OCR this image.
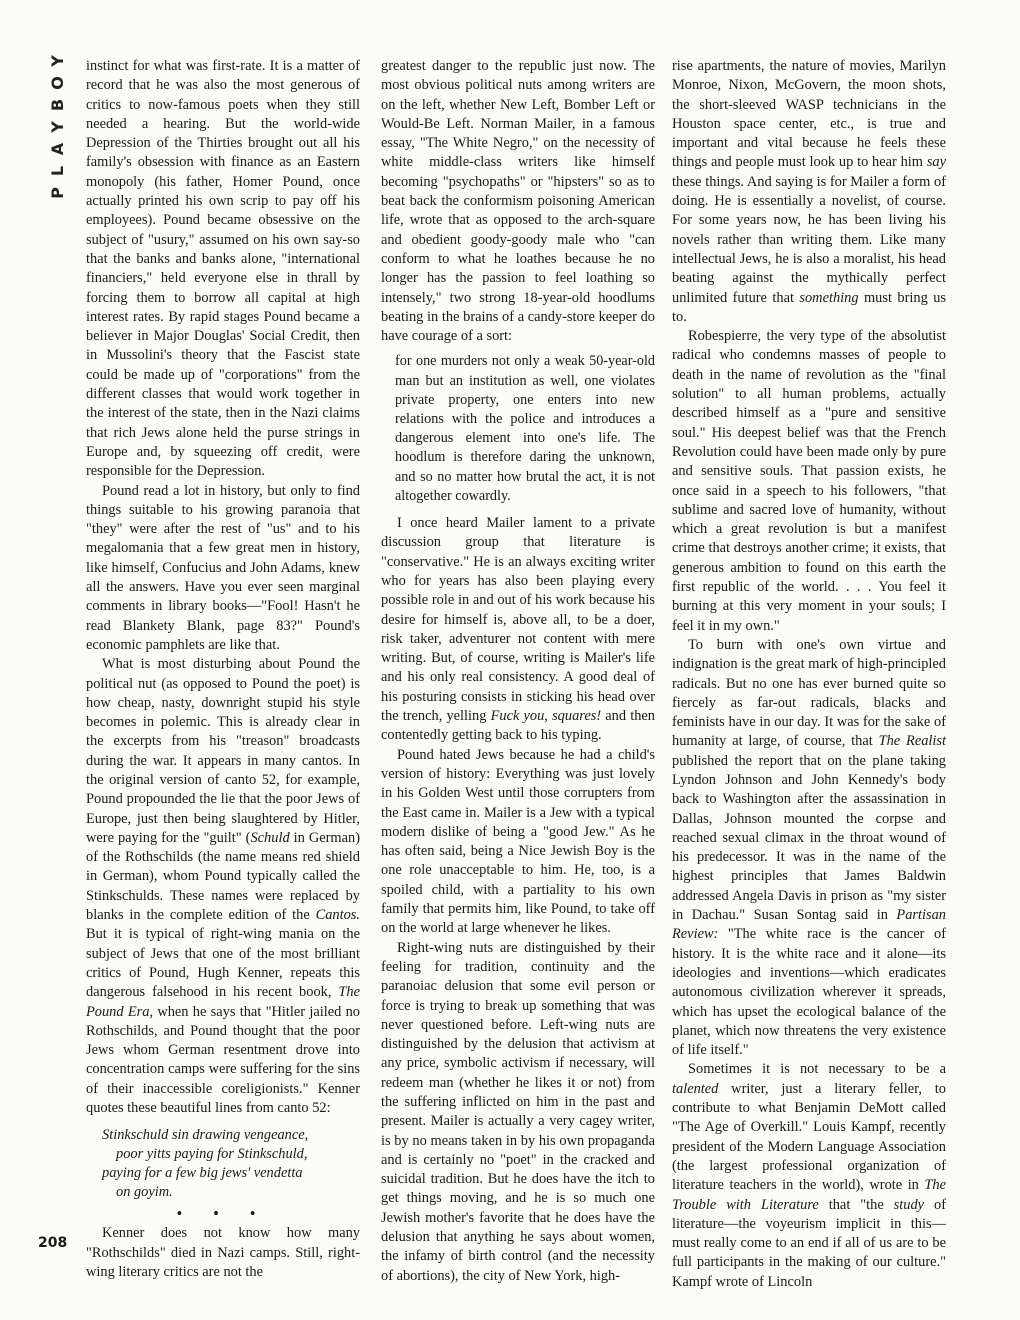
Y
O
B
Y
A
L
P
208

instinct for what was first-rate. It is a matter of record that he was also the most generous of critics to now-famous poets when they still needed a hearing. But the world-wide Depression of the Thirties brought out all his family's obsession with finance as an Eastern monopoly (his father, Homer Pound, once actually printed his own scrip to pay off his employees). Pound became obsessive on the subject of "usury," assumed on his own say-so that the banks and banks alone, "international financiers," held everyone else in thrall by forcing them to borrow all capital at high interest rates. By rapid stages Pound became a believer in Major Douglas' Social Credit, then in Mussolini's theory that the Fascist state could be made up of "corporations" from the different classes that would work together in the interest of the state, then in the Nazi claims that rich Jews alone held the purse strings in Europe and, by squeezing off credit, were responsible for the Depression.

Pound read a lot in history, but only to find things suitable to his growing paranoia that "they" were after the rest of "us" and to his megalomania that a few great men in history, like himself, Confucius and John Adams, knew all the answers. Have you ever seen marginal comments in library books—"Fool! Hasn't he read Blankety Blank, page 83?" Pound's economic pamphlets are like that.

What is most disturbing about Pound the political nut (as opposed to Pound the poet) is how cheap, nasty, downright stupid his style becomes in polemic. This is already clear in the excerpts from his "treason" broadcasts during the war. It appears in many cantos. In the original version of canto 52, for example, Pound propounded the lie that the poor Jews of Europe, just then being slaughtered by Hitler, were paying for the "guilt" (Schuld in German) of the Rothschilds (the name means red shield in German), whom Pound typically called the Stinkschulds. These names were replaced by blanks in the complete edition of the Cantos. But it is typical of right-wing mania on the subject of Jews that one of the most brilliant critics of Pound, Hugh Kenner, repeats this dangerous falsehood in his recent book, The Pound Era, when he says that "Hitler jailed no Rothschilds, and Pound thought that the poor Jews whom German resentment drove into concentration camps were suffering for the sins of their inaccessible coreligionists." Kenner quotes these beautiful lines from canto 52:

Stinkschuld sin drawing vengeance,
poor yitts paying for Stinkschuld,
paying for a few big jews' vendetta
on goyim.
• • •

Kenner does not know how many "Rothschilds" died in Nazi camps. Still, right-wing literary critics are not the

greatest danger to the republic just now. The most obvious political nuts among writers are on the left, whether New Left, Bomber Left or Would-Be Left. Norman Mailer, in a famous essay, "The White Negro," on the necessity of white middle-class writers like himself becoming "psychopaths" or "hipsters" so as to beat back the conformism poisoning American life, wrote that as opposed to the arch-square and obedient goody-goody male who "can conform to what he loathes because he no longer has the passion to feel loathing so intensely," two strong 18-year-old hoodlums beating in the brains of a candy-store keeper do have courage of a sort:

for one murders not only a weak 50-year-old man but an institution as well, one violates private property, one enters into new relations with the police and introduces a dangerous element into one's life. The hoodlum is therefore daring the unknown, and so no matter how brutal the act, it is not altogether cowardly.

I once heard Mailer lament to a private discussion group that literature is "conservative." He is an always exciting writer who for years has also been playing every possible role in and out of his work because his desire for himself is, above all, to be a doer, risk taker, adventurer not content with mere writing. But, of course, writing is Mailer's life and his only real consistency. A good deal of his posturing consists in sticking his head over the trench, yelling Fuck you, squares! and then contentedly getting back to his typing.

Pound hated Jews because he had a child's version of history: Everything was just lovely in his Golden West until those corrupters from the East came in. Mailer is a Jew with a typical modern dislike of being a "good Jew." As he has often said, being a Nice Jewish Boy is the one role unacceptable to him. He, too, is a spoiled child, with a partiality to his own family that permits him, like Pound, to take off on the world at large whenever he likes.

Right-wing nuts are distinguished by their feeling for tradition, continuity and the paranoiac delusion that some evil person or force is trying to break up something that was never questioned before. Left-wing nuts are distinguished by the delusion that activism at any price, symbolic activism if necessary, will redeem man (whether he likes it or not) from the suffering inflicted on him in the past and present. Mailer is actually a very cagey writer, is by no means taken in by his own propaganda and is certainly no "poet" in the cracked and suicidal tradition. But he does have the itch to get things moving, and he is so much one Jewish mother's favorite that he does have the delusion that anything he says about women, the infamy of birth control (and the necessity of abortions), the city of New York, high-

rise apartments, the nature of movies, Marilyn Monroe, Nixon, McGovern, the moon shots, the short-sleeved WASP technicians in the Houston space center, etc., is true and important and vital because he feels these things and people must look up to hear him say these things. And saying is for Mailer a form of doing. He is essentially a novelist, of course. For some years now, he has been living his novels rather than writing them. Like many intellectual Jews, he is also a moralist, his head beating against the mythically perfect unlimited future that something must bring us to.

Robespierre, the very type of the absolutist radical who condemns masses of people to death in the name of revolution as the "final solution" to all human problems, actually described himself as a "pure and sensitive soul." His deepest belief was that the French Revolution could have been made only by pure and sensitive souls. That passion exists, he once said in a speech to his followers, "that sublime and sacred love of humanity, without which a great revolution is but a manifest crime that destroys another crime; it exists, that generous ambition to found on this earth the first republic of the world. . . . You feel it burning at this very moment in your souls; I feel it in my own."

To burn with one's own virtue and indignation is the great mark of high-principled radicals. But no one has ever burned quite so fiercely as far-out radicals, blacks and feminists have in our day. It was for the sake of humanity at large, of course, that The Realist published the report that on the plane taking Lyndon Johnson and John Kennedy's body back to Washington after the assassination in Dallas, Johnson mounted the corpse and reached sexual climax in the throat wound of his predecessor. It was in the name of the highest principles that James Baldwin addressed Angela Davis in prison as "my sister in Dachau." Susan Sontag said in Partisan Review: "The white race is the cancer of history. It is the white race and it alone—its ideologies and inventions—which eradicates autonomous civilization wherever it spreads, which has upset the ecological balance of the planet, which now threatens the very existence of life itself."

Sometimes it is not necessary to be a talented writer, just a literary feller, to contribute to what Benjamin DeMott called "The Age of Overkill." Louis Kampf, recently president of the Modern Language Association (the largest professional organization of literature teachers in the world), wrote in The Trouble with Literature that "the study of literature—the voyeurism implicit in this—must really come to an end if all of us are to be full participants in the making of our culture." Kampf wrote of Lincoln
